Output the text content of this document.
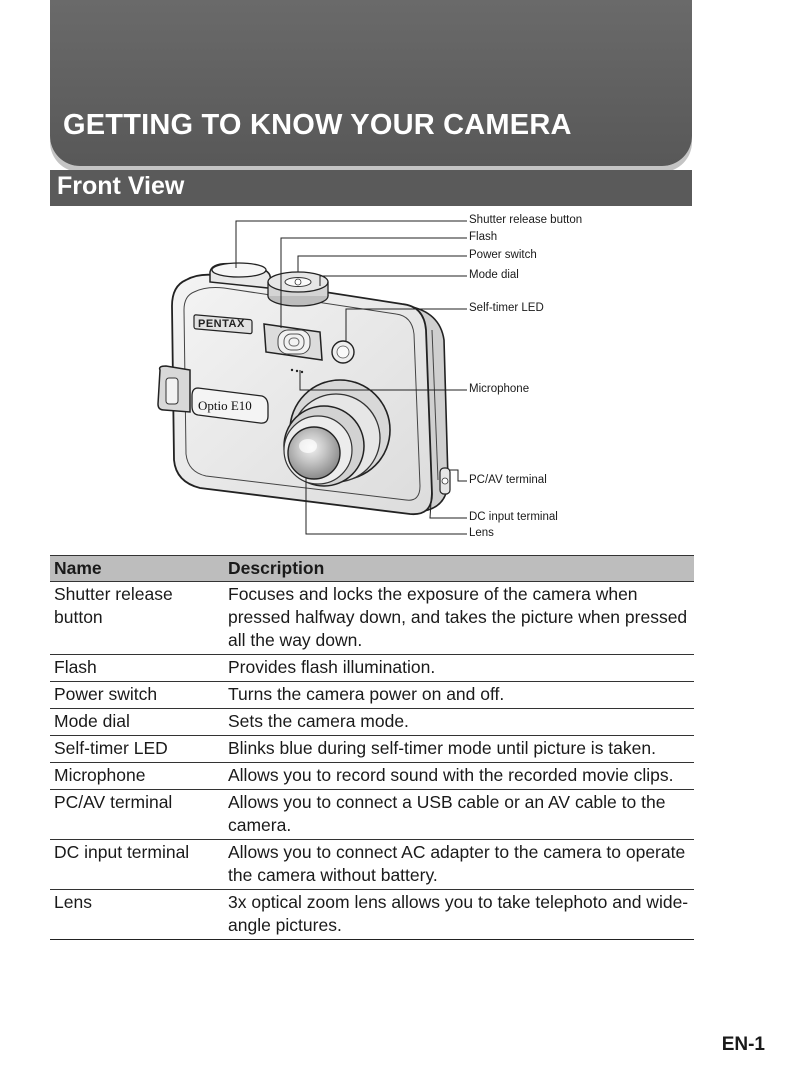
GETTING TO KNOW YOUR CAMERA
Front View
PENTAX
Optio E10
Shutter release button
Flash
Power switch
Mode dial
Self-timer LED
Microphone
PC/AV terminal
DC input terminal
Lens
Name	Description
Shutter release button	Focuses and locks the exposure of the camera when pressed halfway down, and takes the picture when pressed all the way down.
Flash	Provides flash illumination.
Power switch	Turns the camera power on and off.
Mode dial	Sets the camera mode.
Self-timer LED	Blinks blue during self-timer mode until picture is taken.
Microphone	Allows you to record sound with the recorded movie clips.
PC/AV terminal	Allows you to connect a USB cable or an AV cable to the camera.
DC input terminal	Allows you to connect AC adapter to the camera to operate the camera without battery.
Lens	3x optical zoom lens allows you to take telephoto and wide-angle pictures.
EN-1
